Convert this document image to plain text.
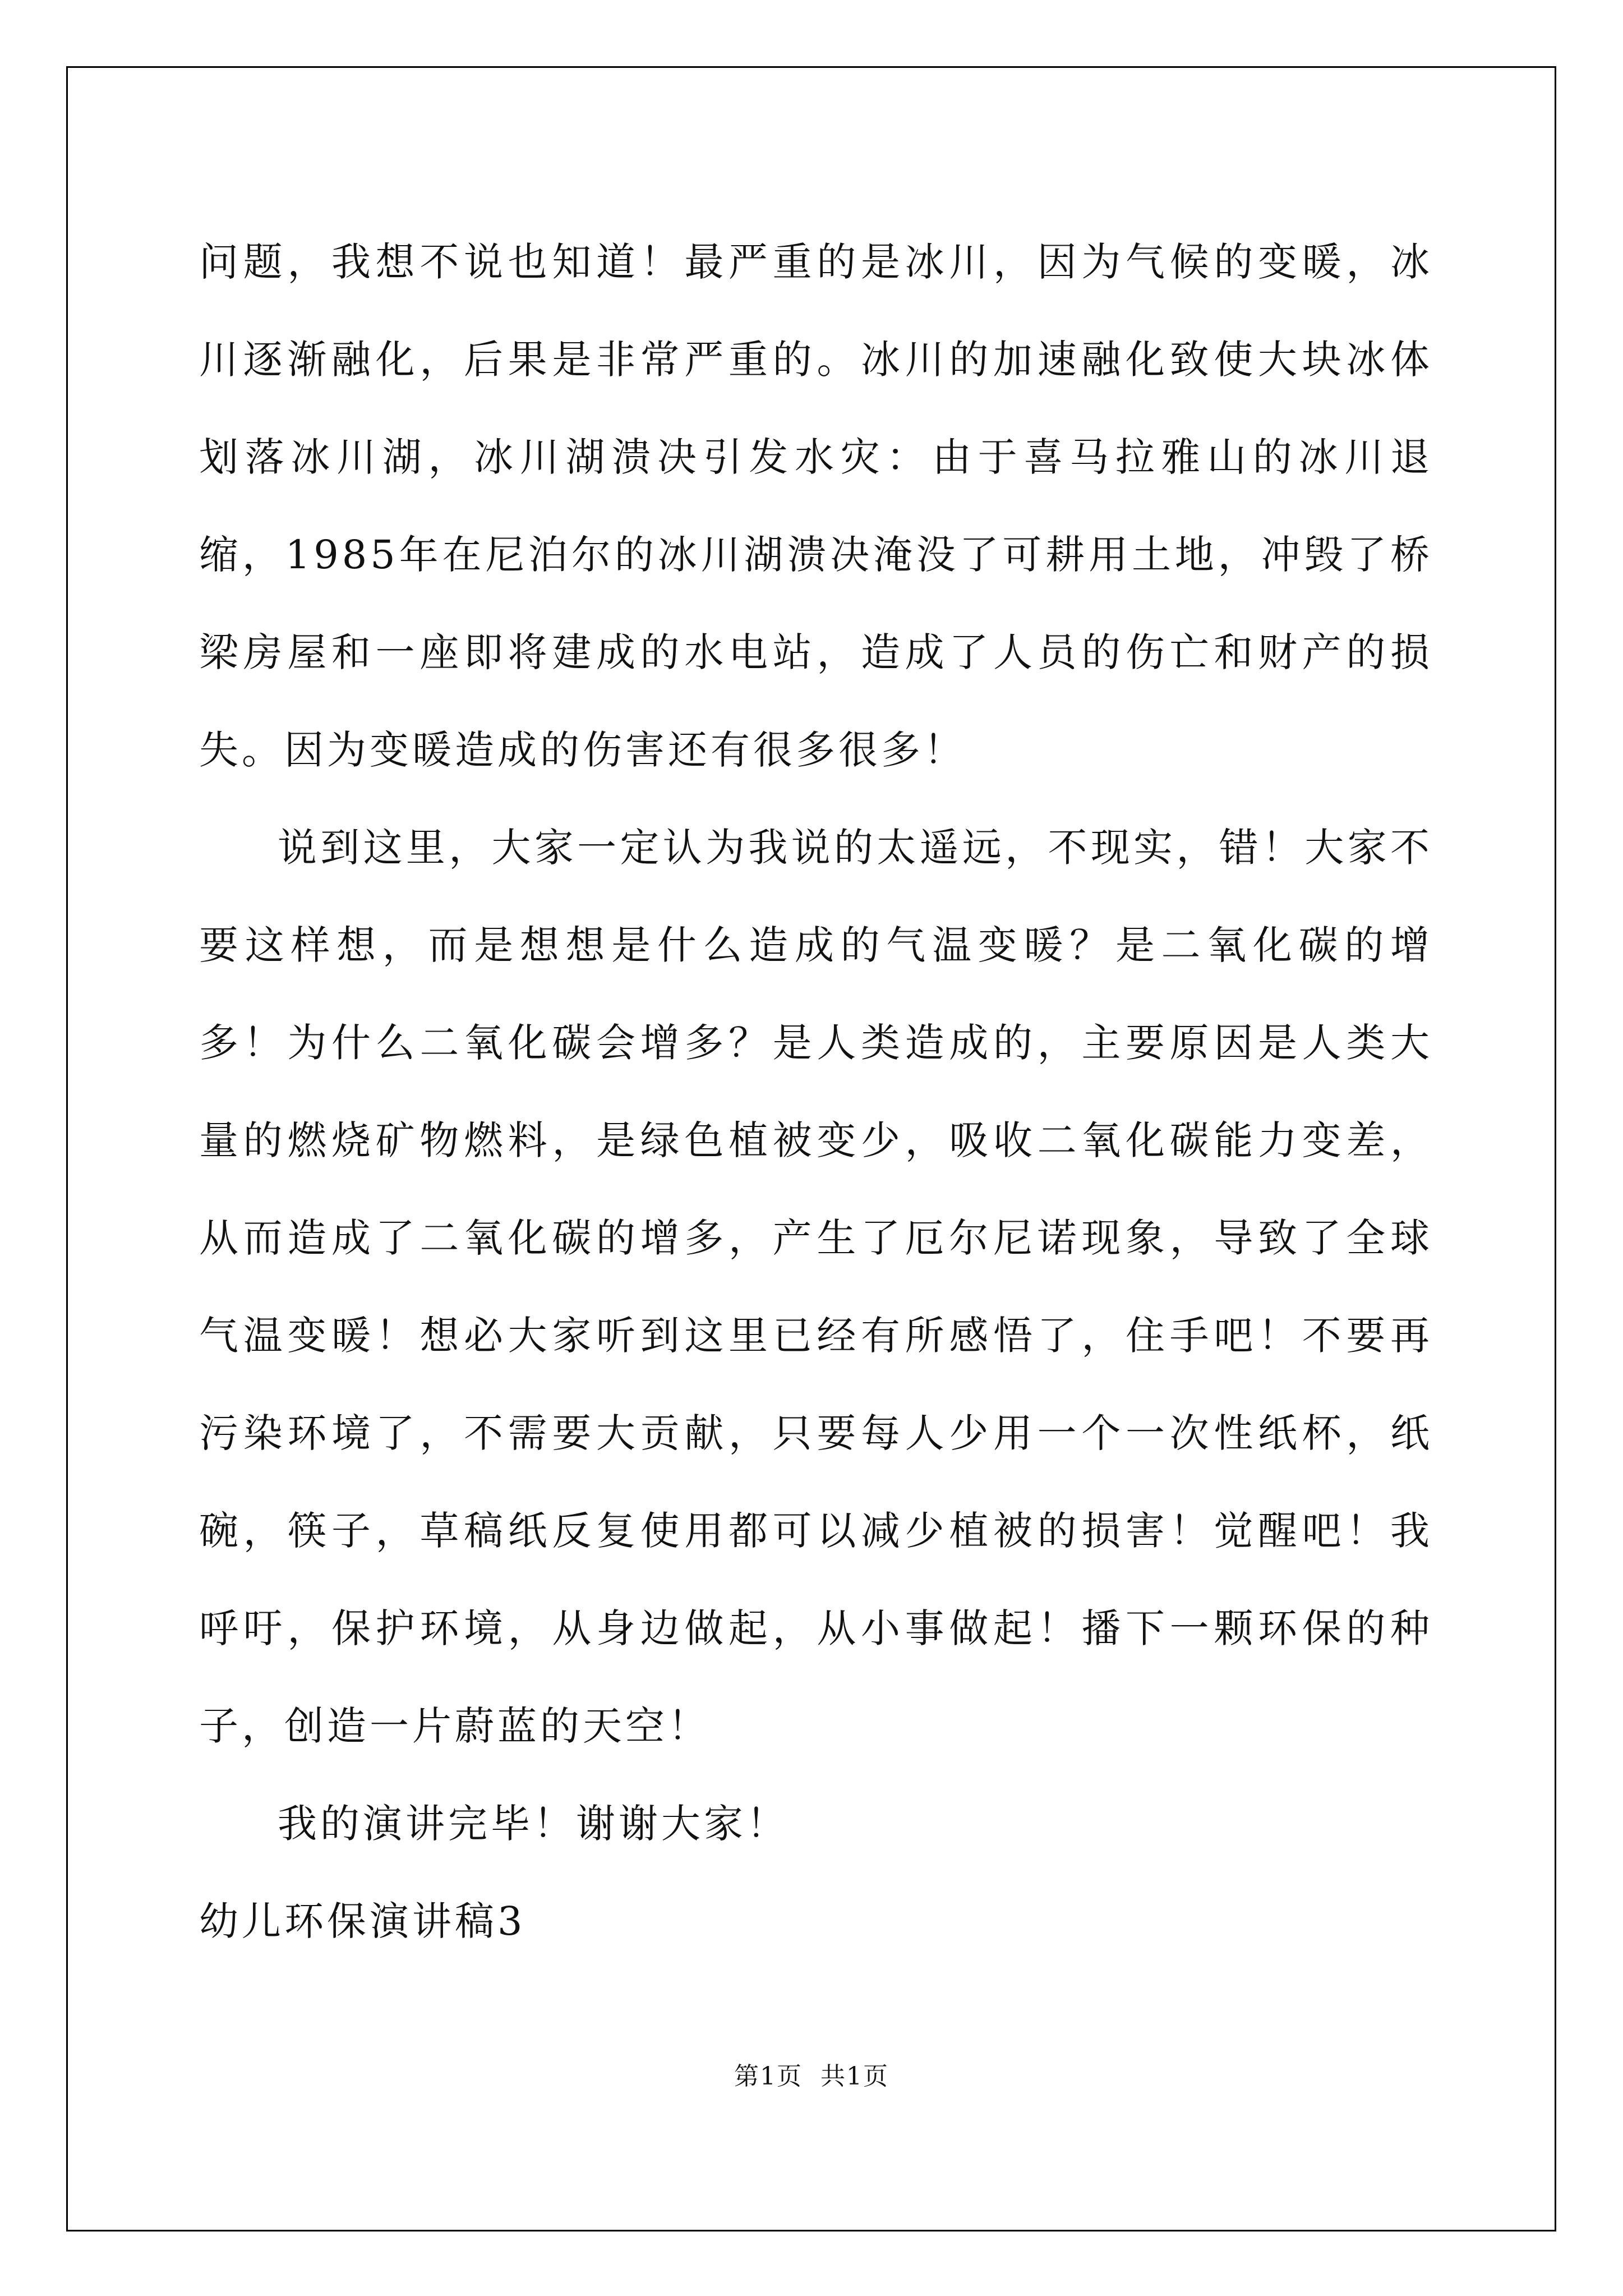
问题，我想不说也知道！最严重的是冰川，因为气候的变暖，冰川逐渐融化，后果是非常严重的。冰川的加速融化致使大块冰体划落冰川湖，冰川湖溃决引发水灾：由于喜马拉雅山的冰川退缩，1985年在尼泊尔的冰川湖溃决淹没了可耕用土地，冲毁了桥梁房屋和一座即将建成的水电站，造成了人员的伤亡和财产的损失。因为变暖造成的伤害还有很多很多！

说到这里，大家一定认为我说的太遥远，不现实，错！大家不要这样想，而是想想是什么造成的气温变暖？是二氧化碳的增多！为什么二氧化碳会增多？是人类造成的，主要原因是人类大量的燃烧矿物燃料，是绿色植被变少，吸收二氧化碳能力变差，从而造成了二氧化碳的增多，产生了厄尔尼诺现象，导致了全球气温变暖！想必大家听到这里已经有所感悟了，住手吧！不要再污染环境了，不需要大贡献，只要每人少用一个一次性纸杯，纸碗，筷子，草稿纸反复使用都可以减少植被的损害！觉醒吧！我呼吁，保护环境，从身边做起，从小事做起！播下一颗环保的种子，创造一片蔚蓝的天空！

我的演讲完毕！谢谢大家！

幼儿环保演讲稿3

第1页 共1页
